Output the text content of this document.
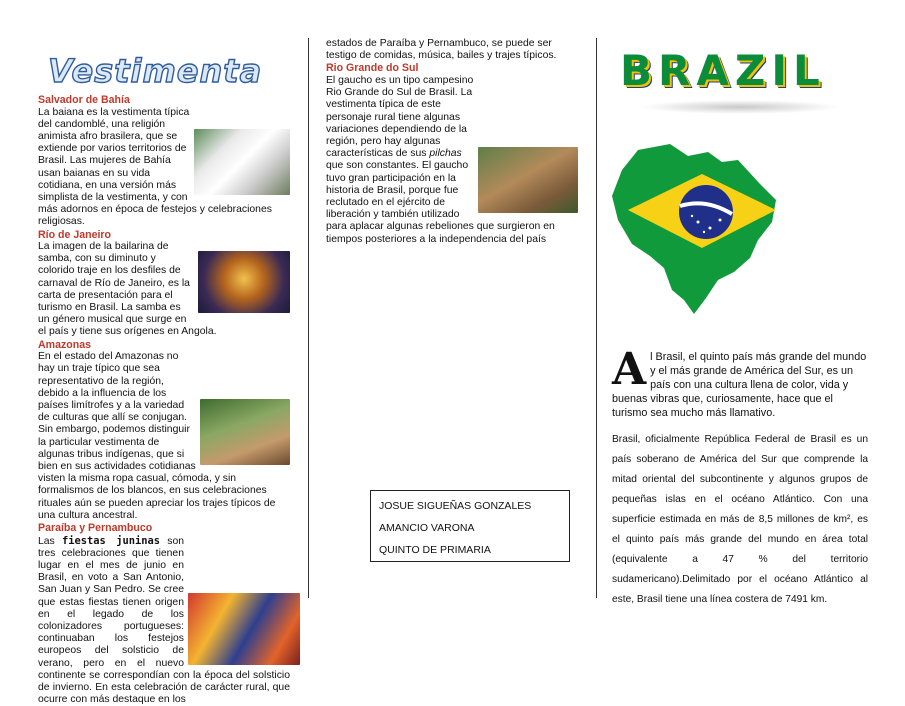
Vestimenta
Salvador de Bahía
La baiana es la vestimenta típica del candomblé, una religión animista afro brasilera, que se extiende por varios territorios de Brasil. Las mujeres de Bahía usan baianas en su vida cotidiana, en una versión más simplista de la vestimenta, y con más adornos en época de festejos y celebraciones religiosas.
Río de Janeiro
La imagen de la bailarina de samba, con su diminuto y colorido traje en los desfiles de carnaval de Río de Janeiro, es la carta de presentación para el turismo en Brasil. La samba es un género musical que surge en el país y tiene sus orígenes en Angola.
Amazonas
En el estado del Amazonas no hay un traje típico que sea representativo de la región, debido a la influencia de los países limítrofes y a la variedad de culturas que allí se conjugan. Sin embargo, podemos distinguir la particular vestimenta de algunas tribus indígenas, que si bien en sus actividades cotidianas visten la misma ropa casual, cómoda, y sin formalismos de los blancos, en sus celebraciones rituales aún se pueden apreciar los trajes típicos de una cultura ancestral.
Paraíba y Pernambuco
Las fiestas juninas son tres celebraciones que tienen lugar en el mes de junio en Brasil, en voto a San Antonio, San Juan y San Pedro. Se cree que estas fiestas tienen origen en el legado de los colonizadores portugueses: continuaban los festejos europeos del solsticio de verano, pero en el nuevo continente se correspondían con la época del solsticio de invierno. En esta celebración de carácter rural, que ocurre con más destaque en los
estados de Paraíba y Pernambuco, se puede ser testigo de comidas, música, bailes y trajes típicos.
Rio Grande do Sul
El gaucho es un tipo campesino Rio Grande do Sul de Brasil. La vestimenta típica de este personaje rural tiene algunas variaciones dependiendo de la región, pero hay algunas características de sus pilchas que son constantes. El gaucho tuvo gran participación en la historia de Brasil, porque fue reclutado en el ejército de liberación y también utilizado para aplacar algunas rebeliones que surgieron en tiempos posteriores a la independencia del país
JOSUE SIGUEÑAS GONZALES
AMANCIO VARONA
QUINTO DE PRIMARIA
BRAZIL
A l Brasil, el quinto país más grande del mundo y el más grande de América del Sur, es un país con una cultura llena de color, vida y buenas vibras que, curiosamente, hace que el turismo sea mucho más llamativo.
Brasil, oficialmente República Federal de Brasil es un país soberano de América del Sur que comprende la mitad oriental del subcontinente y algunos grupos de pequeñas islas en el océano Atlántico. Con una superficie estimada en más de 8,5 millones de km², es el quinto país más grande del mundo en área total (equivalente a 47 % del territorio sudamericano).Delimitado por el océano Atlántico al este, Brasil tiene una línea costera de 7491 km.
